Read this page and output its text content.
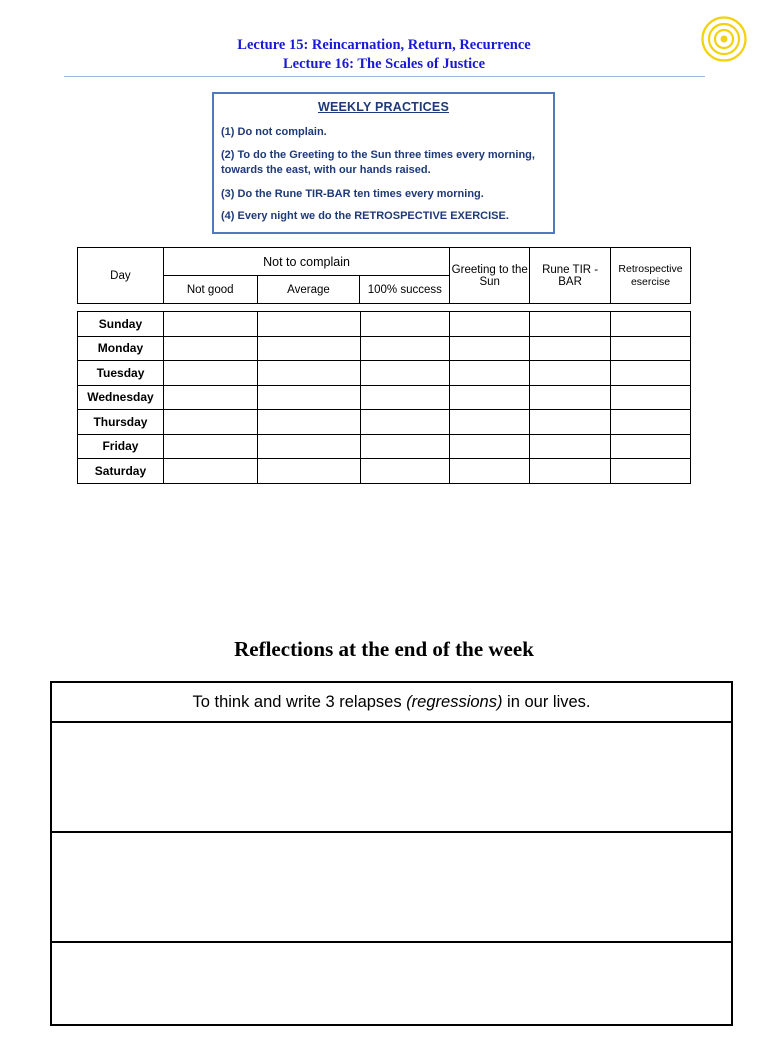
Lecture 15: Reincarnation, Return, Recurrence
Lecture 16: The Scales of Justice
WEEKLY PRACTICES
(1) Do not complain.
(2) To do the Greeting to the Sun three times every morning, towards the east, with our hands raised.
(3) Do the Rune TIR-BAR ten times every morning.
(4) Every night we do the RETROSPECTIVE EXERCISE.
Day	Not to complain			Greeting to the Sun	Rune TIR - BAR	Retrospective esercise
	Not good	Average	100% success			
Sunday						
Monday						
Tuesday						
Wednesday						
Thursday						
Friday						
Saturday						
Reflections at the end of the week
To think and write 3 relapses (regressions) in our lives.
